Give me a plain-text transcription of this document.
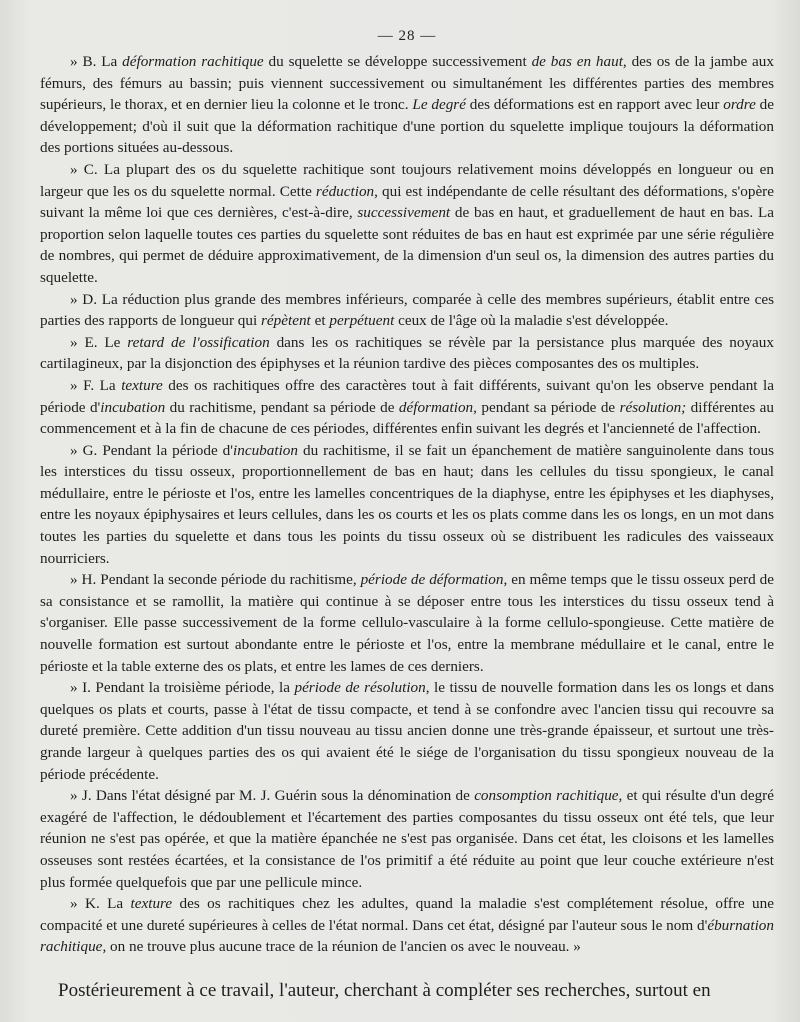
— 28 —

» B. La déformation rachitique du squelette se développe successivement de bas en haut, des os de la jambe aux fémurs, des fémurs au bassin; puis viennent successivement ou simultanément les différentes parties des membres supérieurs, le thorax, et en dernier lieu la colonne et le tronc. Le degré des déformations est en rapport avec leur ordre de développement; d'où il suit que la déformation rachitique d'une portion du squelette implique toujours la déformation des portions situées au-dessous.

» C. La plupart des os du squelette rachitique sont toujours relativement moins développés en longueur ou en largeur que les os du squelette normal. Cette réduction, qui est indépendante de celle résultant des déformations, s'opère suivant la même loi que ces dernières, c'est-à-dire, successivement de bas en haut, et graduellement de haut en bas. La proportion selon laquelle toutes ces parties du squelette sont réduites de bas en haut est exprimée par une série régulière de nombres, qui permet de déduire approximativement, de la dimension d'un seul os, la dimension des autres parties du squelette.

» D. La réduction plus grande des membres inférieurs, comparée à celle des membres supérieurs, établit entre ces parties des rapports de longueur qui répètent et perpétuent ceux de l'âge où la maladie s'est développée.

» E. Le retard de l'ossification dans les os rachitiques se révèle par la persistance plus marquée des noyaux cartilagineux, par la disjonction des épiphyses et la réunion tardive des pièces composantes des os multiples.

» F. La texture des os rachitiques offre des caractères tout à fait différents, suivant qu'on les observe pendant la période d'incubation du rachitisme, pendant sa période de déformation, pendant sa période de résolution; différentes au commencement et à la fin de chacune de ces périodes, différentes enfin suivant les degrés et l'ancienneté de l'affection.

» G. Pendant la période d'incubation du rachitisme, il se fait un épanchement de matière sanguinolente dans tous les interstices du tissu osseux, proportionnellement de bas en haut; dans les cellules du tissu spongieux, le canal médullaire, entre le périoste et l'os, entre les lamelles concentriques de la diaphyse, entre les épiphyses et les diaphyses, entre les noyaux épiphysaires et leurs cellules, dans les os courts et les os plats comme dans les os longs, en un mot dans toutes les parties du squelette et dans tous les points du tissu osseux où se distribuent les radicules des vaisseaux nourriciers.

» H. Pendant la seconde période du rachitisme, période de déformation, en même temps que le tissu osseux perd de sa consistance et se ramollit, la matière qui continue à se déposer entre tous les interstices du tissu osseux tend à s'organiser. Elle passe successivement de la forme cellulo-vasculaire à la forme cellulo-spongieuse. Cette matière de nouvelle formation est surtout abondante entre le périoste et l'os, entre la membrane médullaire et le canal, entre le périoste et la table externe des os plats, et entre les lames de ces derniers.

» I. Pendant la troisième période, la période de résolution, le tissu de nouvelle formation dans les os longs et dans quelques os plats et courts, passe à l'état de tissu compacte, et tend à se confondre avec l'ancien tissu qui recouvre sa dureté première. Cette addition d'un tissu nouveau au tissu ancien donne une très-grande épaisseur, et surtout une très-grande largeur à quelques parties des os qui avaient été le siége de l'organisation du tissu spongieux nouveau de la période précédente.

» J. Dans l'état désigné par M. J. Guérin sous la dénomination de consomption rachitique, et qui résulte d'un degré exagéré de l'affection, le dédoublement et l'écartement des parties composantes du tissu osseux ont été tels, que leur réunion ne s'est pas opérée, et que la matière épanchée ne s'est pas organisée. Dans cet état, les cloisons et les lamelles osseuses sont restées écartées, et la consistance de l'os primitif a été réduite au point que leur couche extérieure n'est plus formée quelquefois que par une pellicule mince.

» K. La texture des os rachitiques chez les adultes, quand la maladie s'est complétement résolue, offre une compacité et une dureté supérieures à celles de l'état normal. Dans cet état, désigné par l'auteur sous le nom d'éburnation rachitique, on ne trouve plus aucune trace de la réunion de l'ancien os avec le nouveau. »

Postérieurement à ce travail, l'auteur, cherchant à compléter ses recherches, surtout en
